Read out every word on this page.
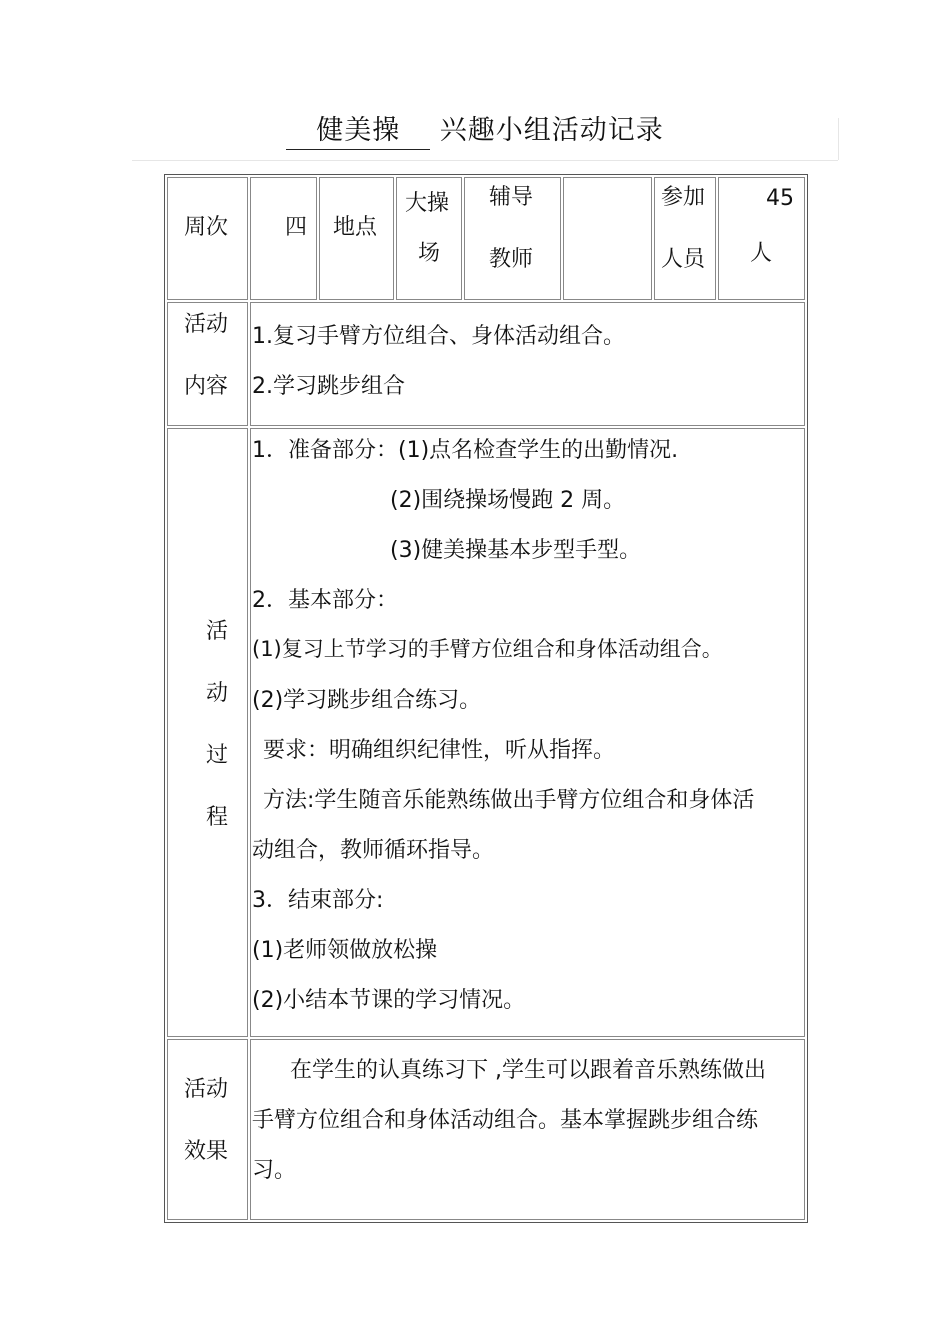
健美操 兴趣小组活动记录
周次	四 地点
大操
场
辅导
教师
参加
人员
45
人
活动
内容
1.复习手臂方位组合、身体活动组合。
2.学习跳步组合
活
动
过
程
1．准备部分：(1)点名检查学生的出勤情况.
(2)围绕操场慢跑 2 周。
(3)健美操基本步型手型。
2．基本部分：
(1)复习上节学习的手臂方位组合和身体活动组合。
(2)学习跳步组合练习。
要求：明确组织纪律性，听从指挥。
方法:学生随音乐能熟练做出手臂方位组合和身体活
动组合，教师循环指导。
3．结束部分:
(1)老师领做放松操
(2)小结本节课的学习情况。
活动
效果
在学生的认真练习下 ,学生可以跟着音乐熟练做出
手臂方位组合和身体活动组合。基本掌握跳步组合练
习。
